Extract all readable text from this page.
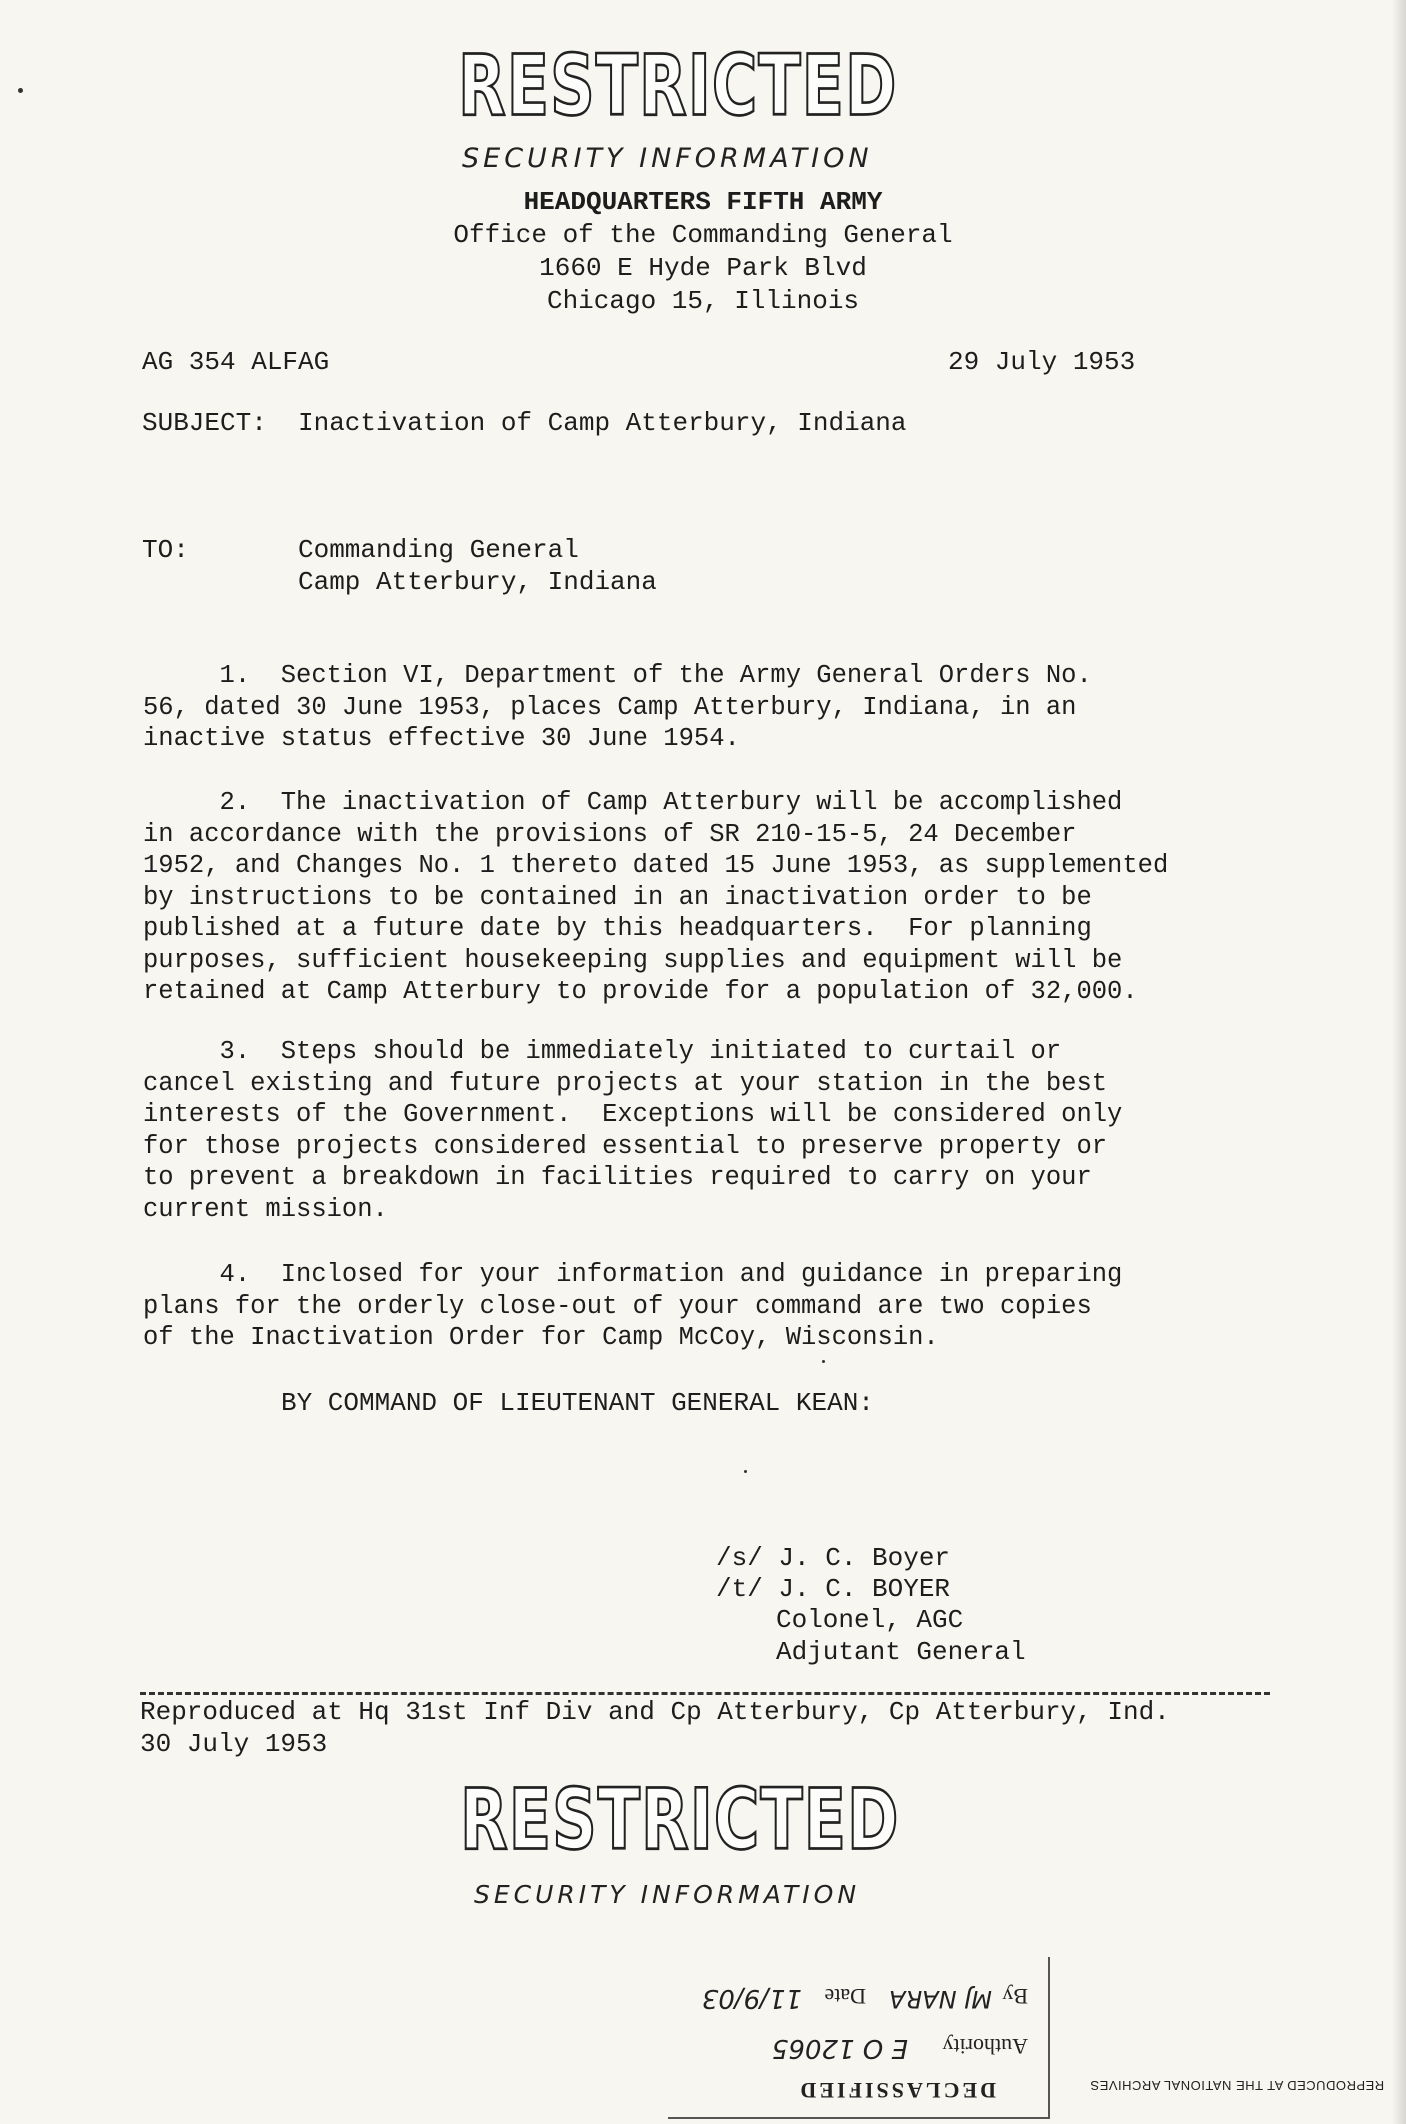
RESTRICTED
SECURITY INFORMATION
HEADQUARTERS FIFTH ARMY
Office of the Commanding General
1660 E Hyde Park Blvd
Chicago 15, Illinois
AG 354 ALFAG	29 July 1953
SUBJECT: Inactivation of Camp Atterbury, Indiana
TO:	Commanding General
Camp Atterbury, Indiana
1.  Section VI, Department of the Army General Orders No.
56, dated 30 June 1953, places Camp Atterbury, Indiana, in an
inactive status effective 30 June 1954.
2.  The inactivation of Camp Atterbury will be accomplished
in accordance with the provisions of SR 210-15-5, 24 December
1952, and Changes No. 1 thereto dated 15 June 1953, as supplemented
by instructions to be contained in an inactivation order to be
published at a future date by this headquarters.  For planning
purposes, sufficient housekeeping supplies and equipment will be
retained at Camp Atterbury to provide for a population of 32,000.
3.  Steps should be immediately initiated to curtail or
cancel existing and future projects at your station in the best
interests of the Government.  Exceptions will be considered only
for those projects considered essential to preserve property or
to prevent a breakdown in facilities required to carry on your
current mission.
4.  Inclosed for your information and guidance in preparing
plans for the orderly close-out of your command are two copies
of the Inactivation Order for Camp McCoy, Wisconsin.
BY COMMAND OF LIEUTENANT GENERAL KEAN:
/s/ J. C. Boyer
/t/ J. C. BOYER
Colonel, AGC
Adjutant General
Reproduced at Hq 31st Inf Div and Cp Atterbury, Cp Atterbury, Ind.
30 July 1953
RESTRICTED
SECURITY INFORMATION
DECLASSIFIED
Authority
E O 12065
By
MJ NARA
Date
11/9/03
REPRODUCED AT THE NATIONAL ARCHIVES
